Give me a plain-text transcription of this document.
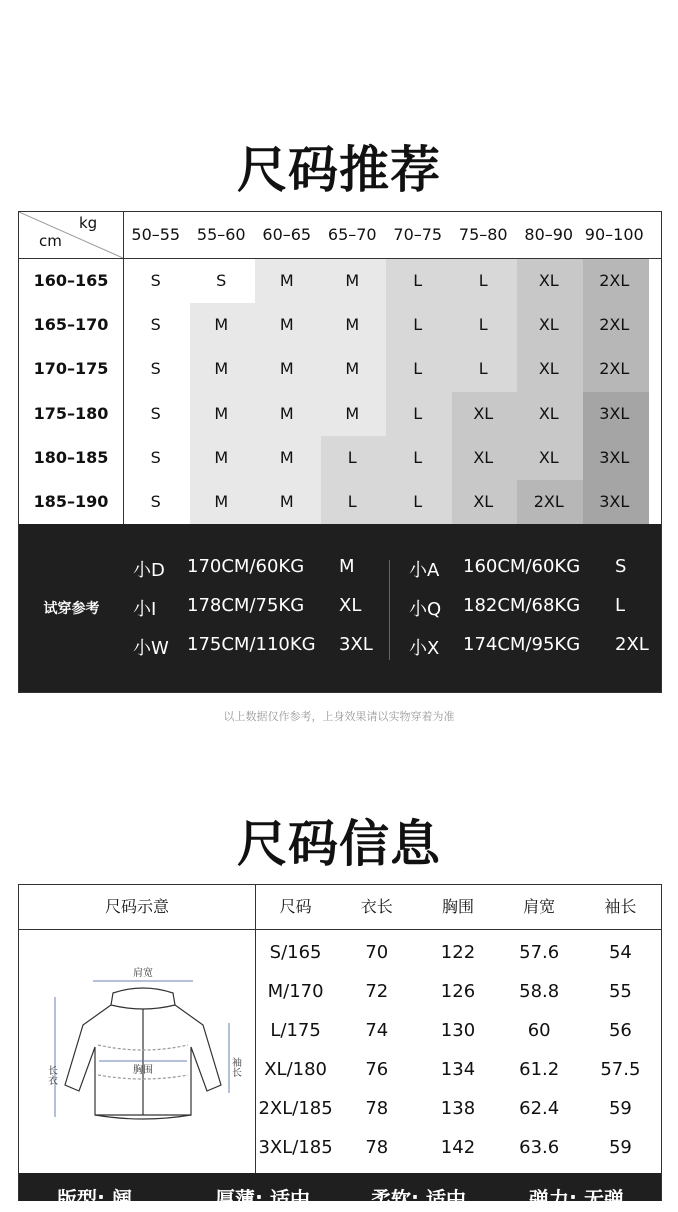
尺码推荐
kg
cm	50–55	55–60	60–65	65–70	70–75	75–80	80–90 90–100
160–165	S	S	M	M	L	L	XL	2XL
165–170	S	M	M	M	L	L	XL	2XL
170–175	S	M	M	M	L	L	XL	2XL
175–180	S	M	M	M	L	XL	XL	3XL
180–185	S	M	M	L	L	XL	XL	3XL
185–190	S	M	M	L	L	XL	2XL	3XL
试穿参考
小D 170CM/60KG M
小I 178CM/75KG XL
小W 175CM/110KG 3XL
小A 160CM/60KG S
小Q 182CM/68KG L
小X 174CM/95KG 2XL
以上数据仅作参考，上身效果请以实物穿着为准
尺码信息
尺码示意	尺码	衣长	胸围	肩宽	袖长
S/165	70	122	57.6	54
M/170	72	126	58.8	55
L/175	74	130	60	56
XL/180	76	134	61.2	57.5
2XL/185	78	138	62.4	59
3XL/185	78	142	63.6	59
肩宽
长衣	胸围	袖长
版型: 阔	厚薄: 适中	柔软: 适中	弹力: 无弹
